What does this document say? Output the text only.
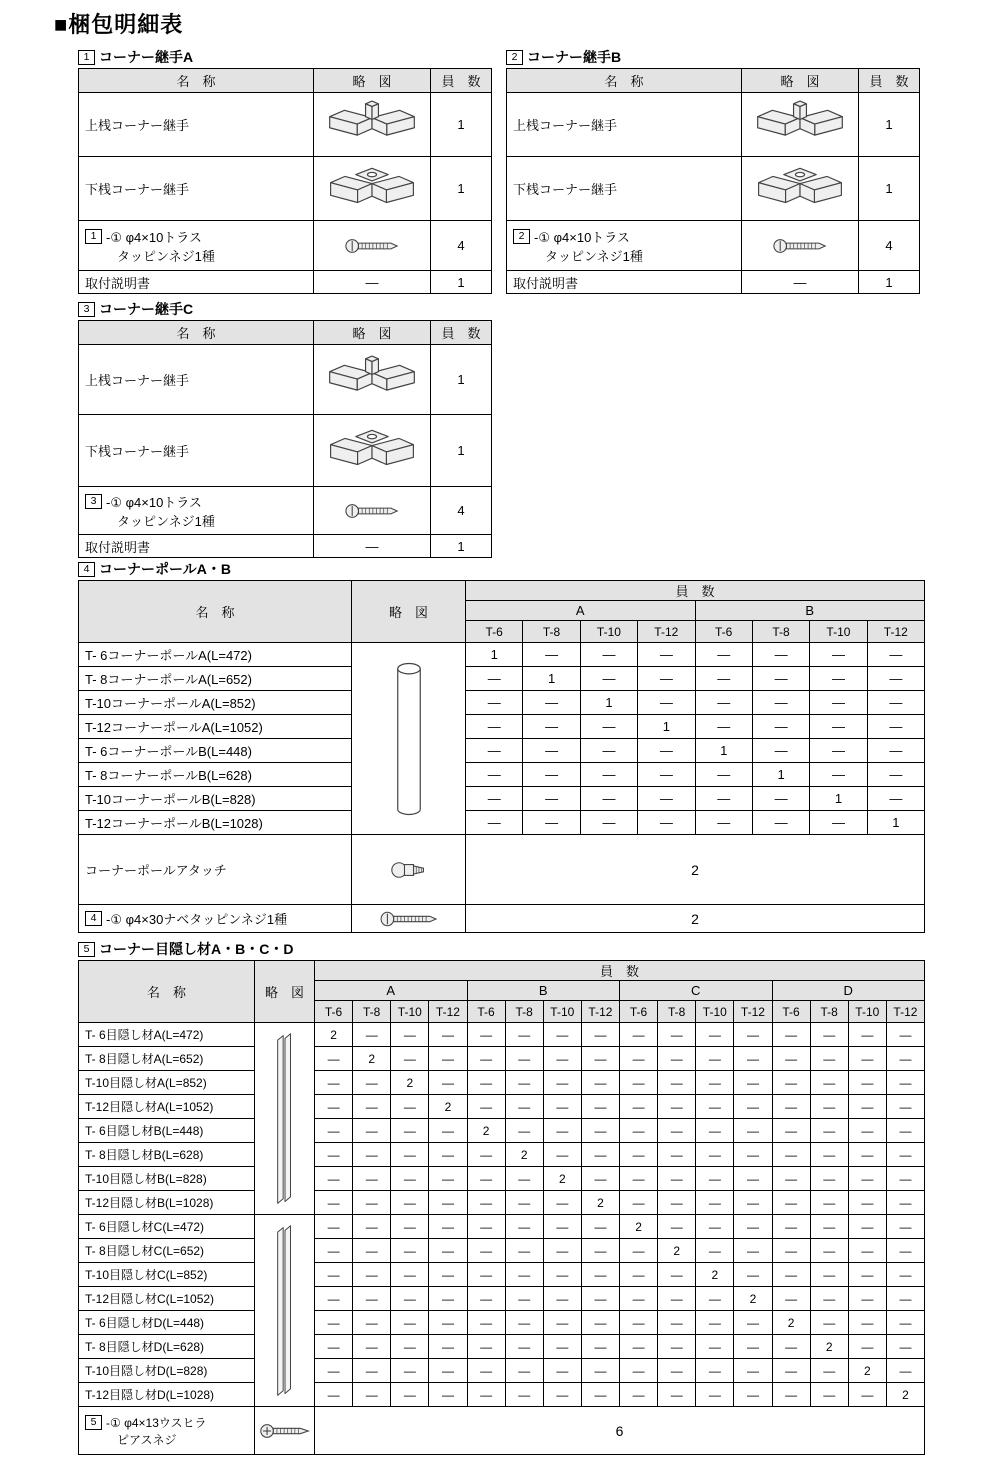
■梱包明細表
1 コーナー継手A
名　称	略　図	員　数
上桟コーナー継手		1
下桟コーナー継手		1

1 -① φ4×10トラス
タッピンネジ1種		4
取付説明書	—	1
2 コーナー継手B
名　称	略　図	員　数
上桟コーナー継手		1
下桟コーナー継手		1

2 -① φ4×10トラス
タッピンネジ1種		4
取付説明書	—	1
3 コーナー継手C
名　称	略　図	員　数
上桟コーナー継手		1
下桟コーナー継手		1

3 -① φ4×10トラス
タッピンネジ1種		4
取付説明書	—	1
4 コーナーポールA・B
名　称	略　図	員　数							
		A				B			
		T-6	T-8	T-10	T-12	T-6	T-8	T-10	T-12
T- 6コーナーポールA(L=472)		1	—	—	—	—	—	—	—
T- 8コーナーポールA(L=652)		—	1	—	—	—	—	—	—
T-10コーナーポールA(L=852)		—	—	1	—	—	—	—	—
T-12コーナーポールA(L=1052)		—	—	—	1	—	—	—	—
T- 6コーナーポールB(L=448)		—	—	—	—	1	—	—	—
T- 8コーナーポールB(L=628)		—	—	—	—	—	1	—	—
T-10コーナーポールB(L=828)		—	—	—	—	—	—	1	—
T-12コーナーポールB(L=1028)		—	—	—	—	—	—	—	1
コーナーポールアタッチ		2							

4 -① φ4×30ナベタッピンネジ1種		2							
5 コーナー目隠し材A・B・C・D
名　称	略　図	員　数															
		A				B				C				D			
		T-6	T-8	T-10	T-12	T-6	T-8	T-10	T-12	T-6	T-8	T-10	T-12	T-6	T-8	T-10	T-12
T- 6目隠し材A(L=472)		2	—	—	—	—	—	—	—	—	—	—	—	—	—	—	—
T- 8目隠し材A(L=652)		—	2	—	—	—	—	—	—	—	—	—	—	—	—	—	—
T-10目隠し材A(L=852)		—	—	2	—	—	—	—	—	—	—	—	—	—	—	—	—
T-12目隠し材A(L=1052)		—	—	—	2	—	—	—	—	—	—	—	—	—	—	—	—
T- 6目隠し材B(L=448)		—	—	—	—	2	—	—	—	—	—	—	—	—	—	—	—
T- 8目隠し材B(L=628)		—	—	—	—	—	2	—	—	—	—	—	—	—	—	—	—
T-10目隠し材B(L=828)		—	—	—	—	—	—	2	—	—	—	—	—	—	—	—	—
T-12目隠し材B(L=1028)		—	—	—	—	—	—	—	2	—	—	—	—	—	—	—	—
T- 6目隠し材C(L=472)		—	—	—	—	—	—	—	—	2	—	—	—	—	—	—	—
T- 8目隠し材C(L=652)		—	—	—	—	—	—	—	—	—	2	—	—	—	—	—	—
T-10目隠し材C(L=852)		—	—	—	—	—	—	—	—	—	—	2	—	—	—	—	—
T-12目隠し材C(L=1052)		—	—	—	—	—	—	—	—	—	—	—	2	—	—	—	—
T- 6目隠し材D(L=448)		—	—	—	—	—	—	—	—	—	—	—	—	2	—	—	—
T- 8目隠し材D(L=628)		—	—	—	—	—	—	—	—	—	—	—	—	—	2	—	—
T-10目隠し材D(L=828)		—	—	—	—	—	—	—	—	—	—	—	—	—	—	2	—
T-12目隠し材D(L=1028)		—	—	—	—	—	—	—	—	—	—	—	—	—	—	—	2

5 -① φ4×13ウスヒラ
ピアスネジ		6															
